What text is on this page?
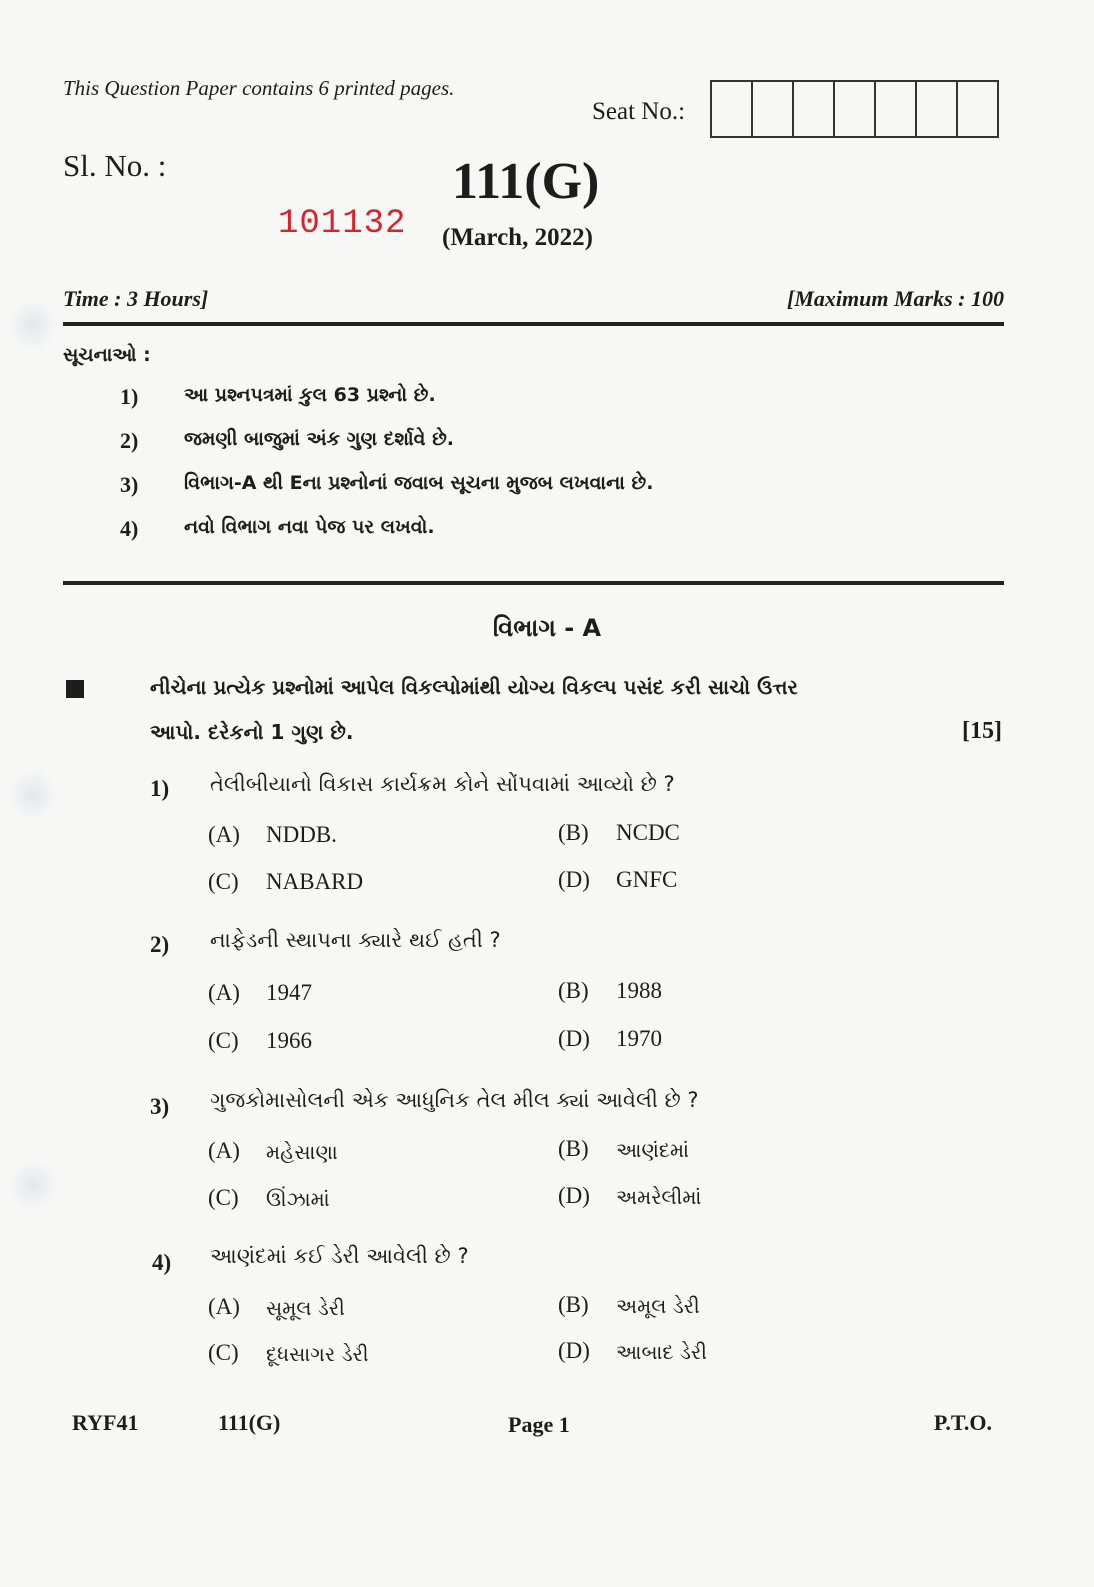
This Question Paper contains 6 printed pages.
Seat No.:
Sl. No. :	111(G)
101132 (March, 2022)
Time : 3 Hours]	[Maximum Marks : 100
સૂચનાઓ :
1)	આ પ્રશ્નપત્રમાં કુલ 63 પ્રશ્નો છે.
2)	જમણી બાજુમાં અંક ગુણ દર્શાવે છે.
3)	વિભાગ-A થી Eના પ્રશ્નોનાં જવાબ સૂચના મુજબ લખવાના છે.
4)	નવો વિભાગ નવા પેજ પર લખવો.
વિભાગ - A
નીચેના પ્રત્યેક પ્રશ્નોમાં આપેલ વિકલ્પોમાંથી યોગ્ય વિકલ્પ પસંદ કરી સાચો ઉત્તર
આપો. દરેકનો 1 ગુણ છે.	[15]
1) તેલીબીયાનો વિકાસ કાર્યક્રમ કોને સોંપવામાં આવ્યો છે ?
(A)	NDDB.	(B)	NCDC
(C)	NABARD	(D)	GNFC
2) નાફેડની સ્થાપના ક્યારે થઈ હતી ?
(A)	1947	(B)	1988
(C)	1966	(D)	1970
3) ગુજકોમાસોલની એક આધુનિક તેલ મીલ ક્યાં આવેલી છે ?
(A)	મહેસાણા	(B)	આણંદમાં
(C)	ઊંઝામાં	(D)	અમરેલીમાં
4) આણંદમાં કઈ ડેરી આવેલી છે ?
(A)	સૂમૂલ ડેરી	(B)	અમૂલ ડેરી
(C)	દૂધસાગર ડેરી	(D)	આબાદ ડેરી
RYF41	111(G)	Page 1	P.T.O.
